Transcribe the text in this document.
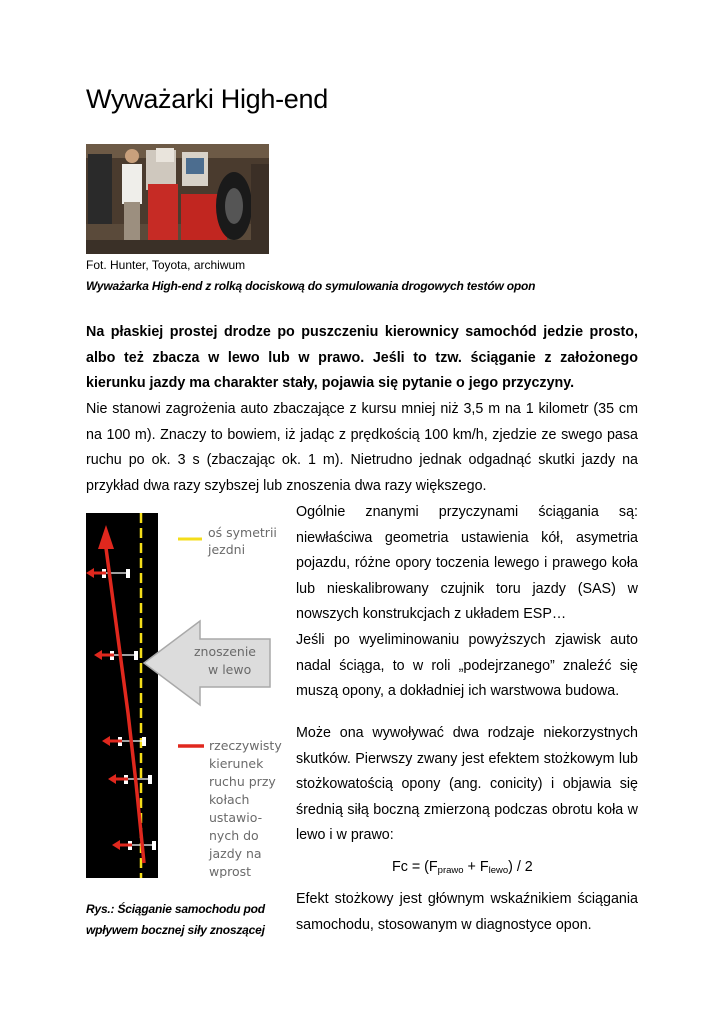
Wyważarki High-end
Fot. Hunter, Toyota, archiwum
Wyważarka High-end z rolką dociskową do symulowania drogowych testów opon

Na płaskiej prostej drodze po puszczeniu kierownicy samochód jedzie prosto, albo też zbacza w lewo lub w prawo. Jeśli to tzw. ściąganie z założonego kierunku jazdy ma charakter stały, pojawia się pytanie o jego przyczyny.

Nie stanowi zagrożenia auto zbaczające z kursu mniej niż 3,5 m na 1 kilometr (35 cm na 100 m). Znaczy to bowiem, iż jadąc z prędkością 100 km/h, zjedzie ze swego pasa ruchu po ok. 3 s (zbaczając ok. 1 m). Nietrudno jednak odgadnąć skutki jazdy na przykład dwa razy szybszej lub znoszenia dwa razy większego.

oś symetrii
jezdni
znoszenie
w lewo
rzeczywisty
kierunek
ruchu przy
kołach
ustawio-
nych do
jazdy na
wprost

Ogólnie znanymi przyczynami ściągania są: niewłaściwa geometria ustawienia kół, asymetria pojazdu, różne opory toczenia lewego i prawego koła lub nieskalibrowany czujnik toru jazdy (SAS) w nowszych konstrukcjach z układem ESP…

Jeśli po wyeliminowaniu powyższych zjawisk auto nadal ściąga, to w roli „podejrzanego” znaleźć się muszą opony, a dokładniej ich warstwowa budowa.

Może ona wywoływać dwa rodzaje niekorzystnych skutków. Pierwszy zwany jest efektem stożkowym lub stożkowatością opony (ang. conicity) i objawia się średnią siłą boczną zmierzoną podczas obrotu koła w lewo i w prawo:

$Fc = (F_{prawo} + F_{lewo}) / 2$

Efekt stożkowy jest głównym wskaźnikiem ściągania samochodu, stosowanym w diagnostyce opon.

Rys.: Ściąganie samochodu pod wpływem bocznej siły znoszącej
